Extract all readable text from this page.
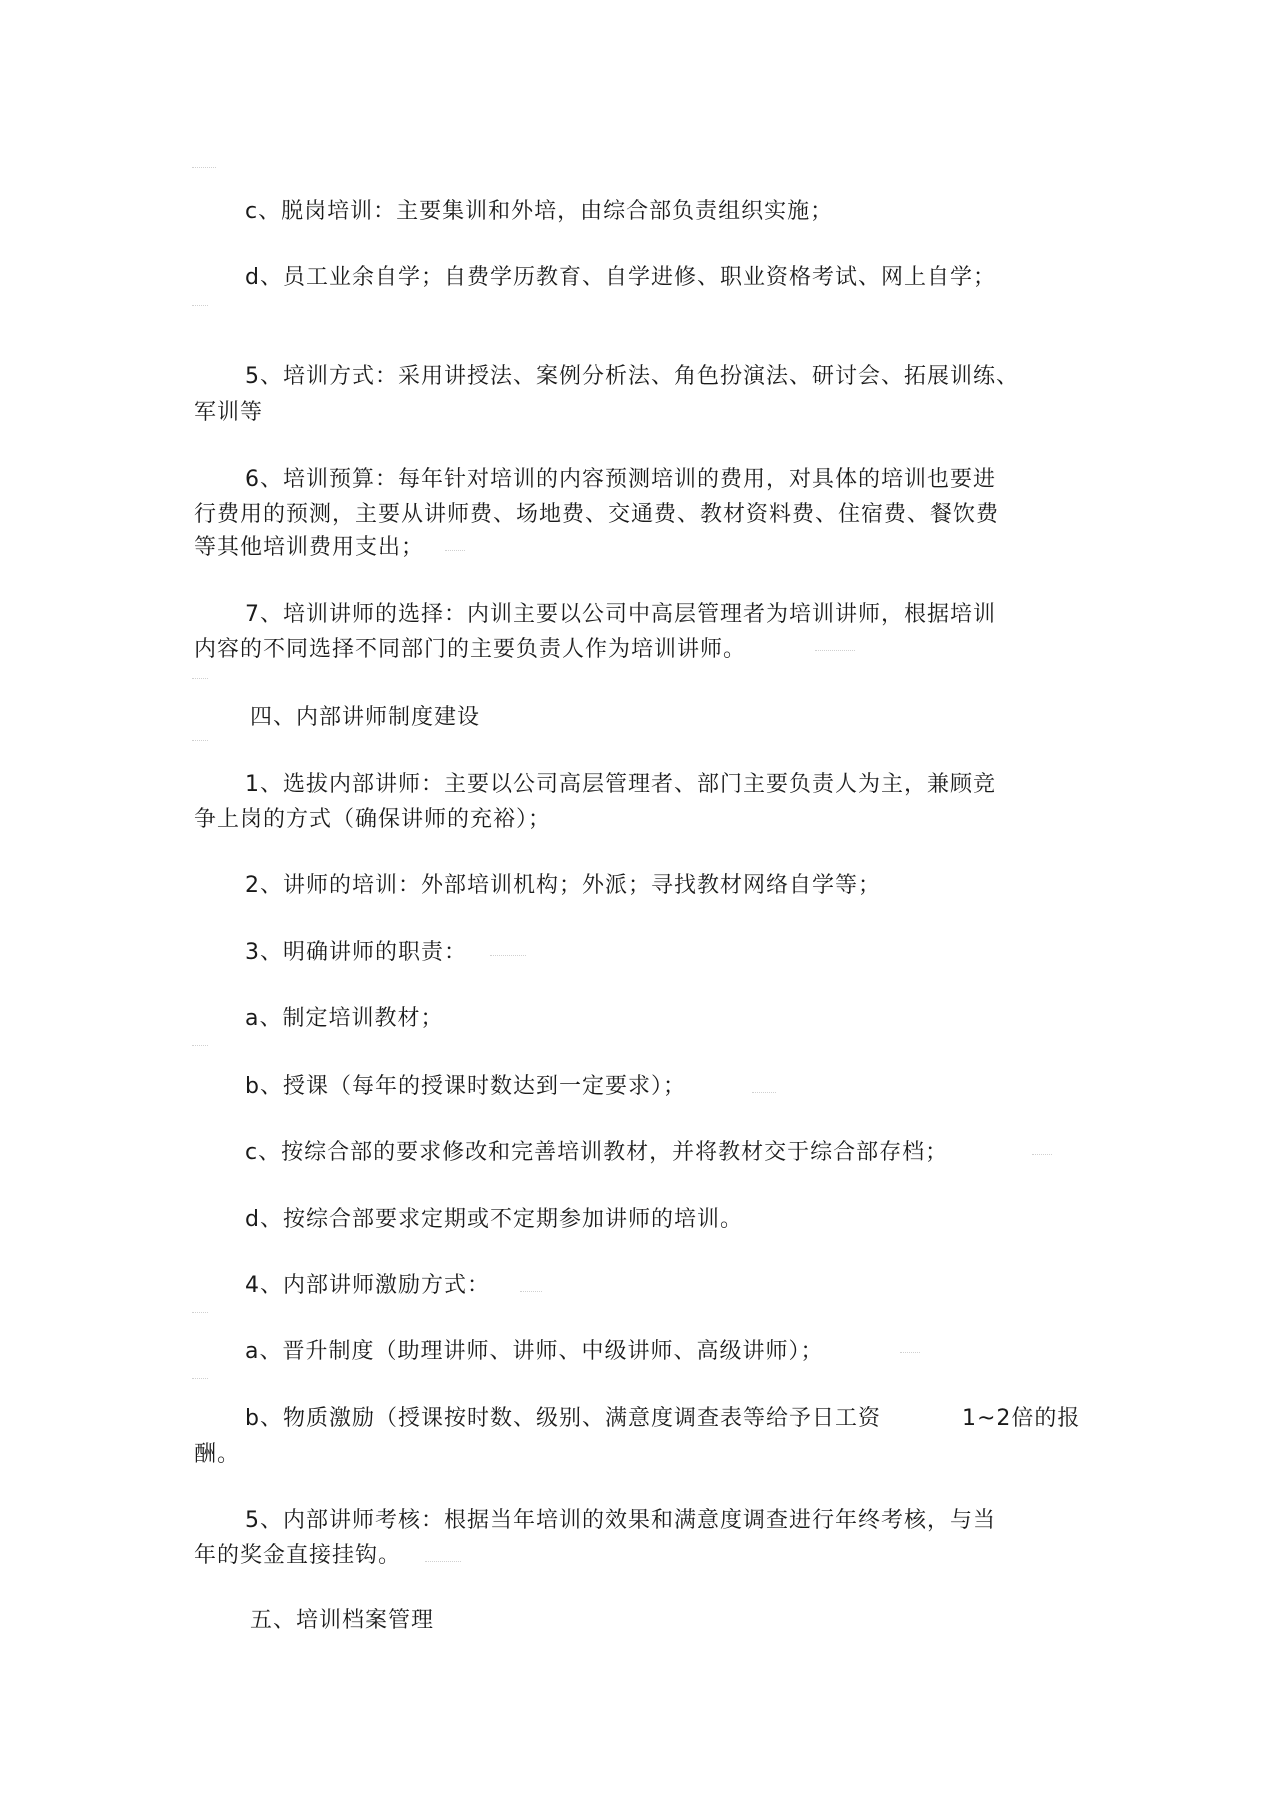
c、脱岗培训：主要集训和外培，由综合部负责组织实施；
d、员工业余自学；自费学历教育、自学进修、职业资格考试、网上自学；
5、培训方式：采用讲授法、案例分析法、角色扮演法、研讨会、拓展训练、
军训等
6、培训预算：每年针对培训的内容预测培训的费用，对具体的培训也要进
行费用的预测，主要从讲师费、场地费、交通费、教材资料费、住宿费、餐饮费
等其他培训费用支出；
7、培训讲师的选择：内训主要以公司中高层管理者为培训讲师，根据培训
内容的不同选择不同部门的主要负责人作为培训讲师。
四、内部讲师制度建设
1、选拔内部讲师：主要以公司高层管理者、部门主要负责人为主，兼顾竞
争上岗的方式（确保讲师的充裕）；
2、讲师的培训：外部培训机构；外派；寻找教材网络自学等；
3、明确讲师的职责：
a、制定培训教材；
b、授课（每年的授课时数达到一定要求）；
c、按综合部的要求修改和完善培训教材，并将教材交于综合部存档；
d、按综合部要求定期或不定期参加讲师的培训。
4、内部讲师激励方式：
a、晋升制度（助理讲师、讲师、中级讲师、高级讲师）；
b、物质激励（授课按时数、级别、满意度调查表等给予日工资	1~2倍的报
酬。
5、内部讲师考核：根据当年培训的效果和满意度调查进行年终考核，与当
年的奖金直接挂钩。
五、培训档案管理
